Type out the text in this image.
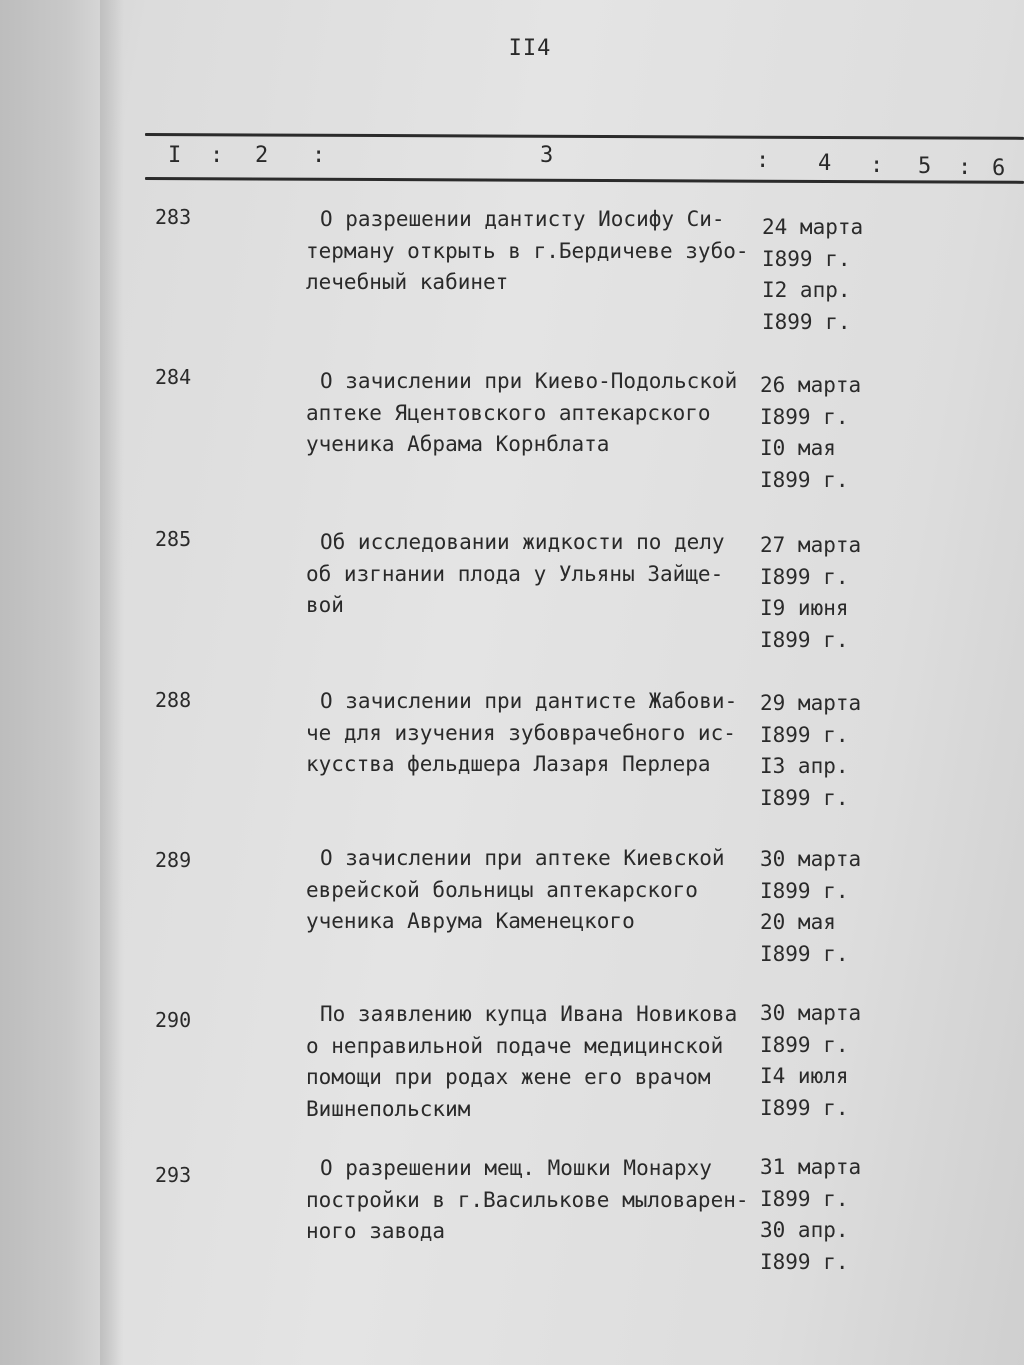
II4
I : 2 :	3	: 4 : 5 : 6
283	О разрешении дантисту Иосифу Си-
терману открыть в г.Бердичеве зубо-
лечебный кабинет
24 марта
I899 г.
I2 апр.
I899 г.
284	О зачислении при Киево-Подольской
аптеке Яцентовского аптекарского
ученика Абрама Корнблата
26 марта
I899 г.
I0 мая
I899 г.
285	Об исследовании жидкости по делу
об изгнании плода у Ульяны Зайще-
вой
27 марта
I899 г.
I9 июня
I899 г.
288	О зачислении при дантисте Жабови-
че для изучения зубоврачебного ис-
кусства фельдшера Лазаря Перлера
29 марта
I899 г.
I3 апр.
I899 г.
289	О зачислении при аптеке Киевской
еврейской больницы аптекарского
ученика Аврума Каменецкого
30 марта
I899 г.
20 мая
I899 г.
290	По заявлению купца Ивана Новикова
о неправильной подаче медицинской
помощи при родах жене его врачом
Вишнепольским
30 марта
I899 г.
I4 июля
I899 г.
293	О разрешении мещ. Мошки Монарху
постройки в г.Василькове мыловарен-
ного завода
31 марта
I899 г.
30 апр.
I899 г.
